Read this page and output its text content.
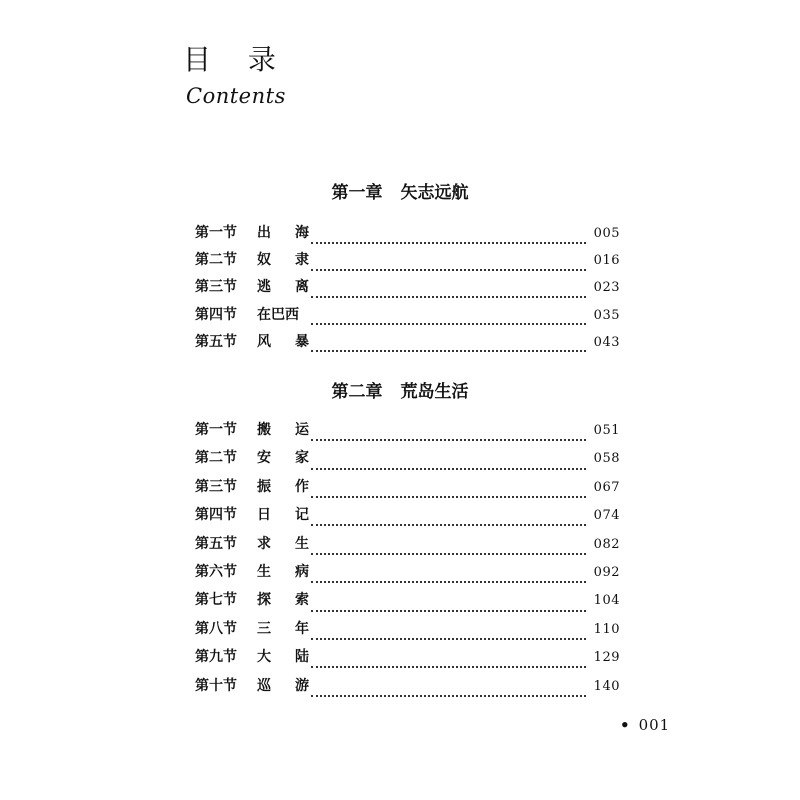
目 录
Contents
第一章 矢志远航
第一节	出 海	005
第二节	奴 隶	016
第三节	逃 离	023
第四节	在巴西	035
第五节	风 暴	043
第二章 荒岛生活
第一节	搬 运	051
第二节	安 家	058
第三节	振 作	067
第四节	日 记	074
第五节	求 生	082
第六节	生 病	092
第七节	探 索	104
第八节	三 年	110
第九节	大 陆	129
第十节	巡 游	140
• 001
